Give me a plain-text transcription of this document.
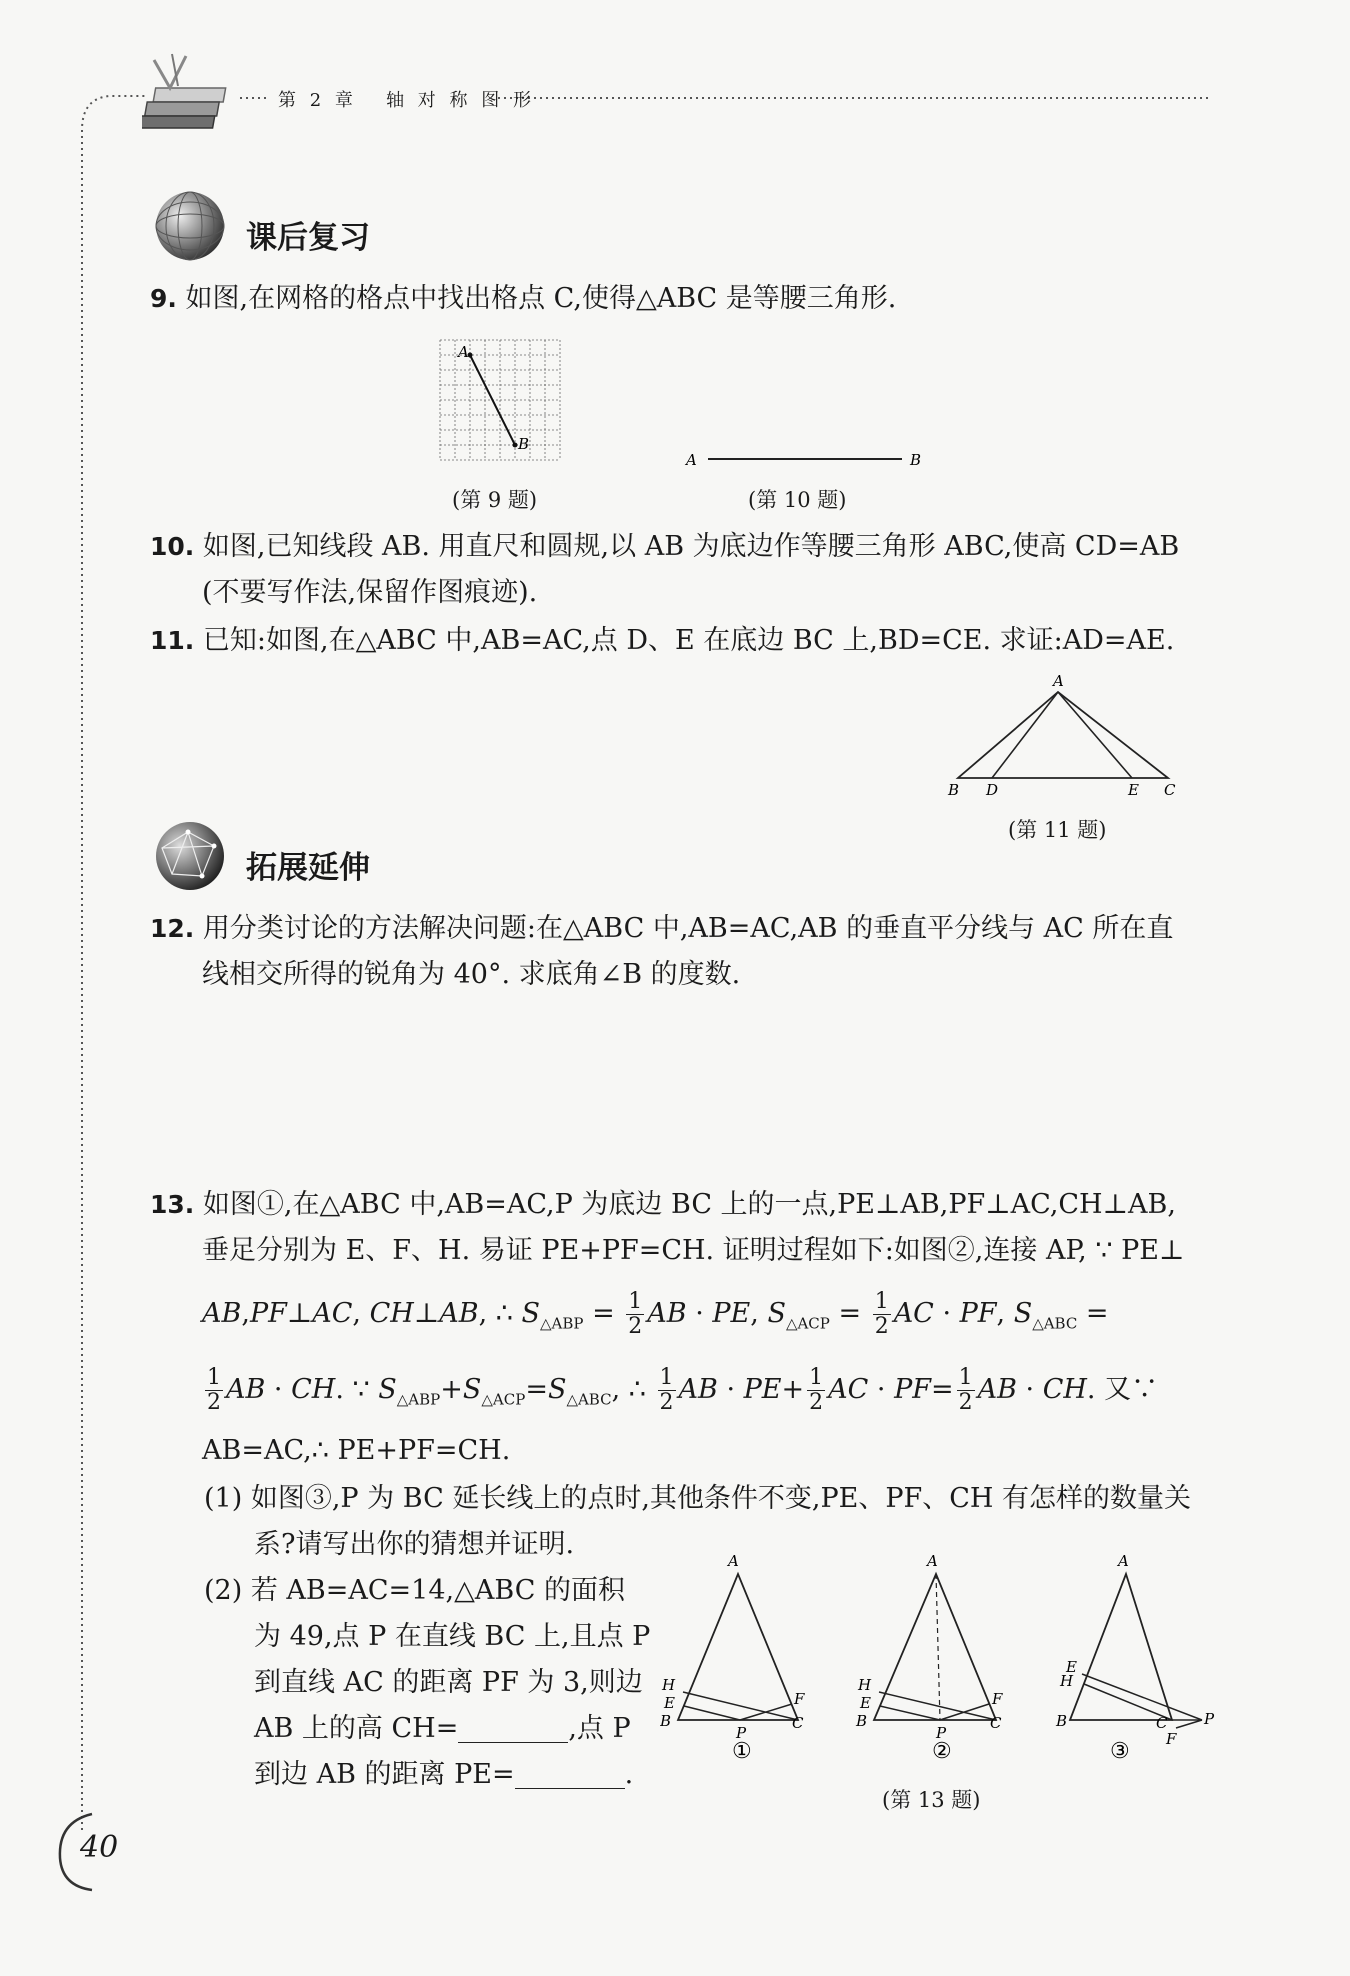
第 2 章 轴 对 称 图 形
课后复习
9. 如图,在网格的格点中找出格点 C,使得△ABC 是等腰三角形.
A
B
(第 9 题)
A	B
(第 10 题)
10. 如图,已知线段 AB. 用直尺和圆规,以 AB 为底边作等腰三角形 ABC,使高 CD=AB
(不要写作法,保留作图痕迹).
11. 已知:如图,在△ABC 中,AB=AC,点 D、E 在底边 BC 上,BD=CE. 求证:AD=AE.
A
B D	E C
(第 11 题)
拓展延伸
12. 用分类讨论的方法解决问题:在△ABC 中,AB=AC,AB 的垂直平分线与 AC 所在直
线相交所得的锐角为 40°. 求底角∠B 的度数.
13. 如图①,在△ABC 中,AB=AC,P 为底边 BC 上的一点,PE⊥AB,PF⊥AC,CH⊥AB,
垂足分别为 E、F、H. 易证 PE+PF=CH. 证明过程如下:如图②,连接 AP, ∵ PE⊥
AB,PF⊥AC, CH⊥AB, ∴ $S_{\triangle ABP} = \frac{1}{2}$ AB · PE, $S_{\triangle ACP} = \frac{1}{2}$ AC · PF, $S_{\triangle ABC}$ =
$\frac{1}{2}$ AB · CH. ∵ $S_{\triangle ABP}+S_{\triangle ACP}=S_{\triangle ABC}$, ∴ $\frac{1}{2}$ AB · $PE+ \frac{1}{2}$ AC · $PF= \frac{1}{2}$ AB · CH. 又∵
AB=AC,∴ PE+PF=CH.
(1) 如图③,P 为 BC 延长线上的点时,其他条件不变,PE、PF、CH 有怎样的数量关
系?请写出你的猜想并证明.
(2) 若 AB=AC=14,△ABC 的面积
为 49,点 P 在直线 BC 上,且点 P
到直线 AC 的距离 PF 为 3,则边
AB 上的高 CH=	,点 P
到边 AB 的距离 PE=	.
A
H
E
B
P
C
F
①
A
H
E
B
P
C
F
②
A
E
H
B	C
F
P
③
(第 13 题)
40
